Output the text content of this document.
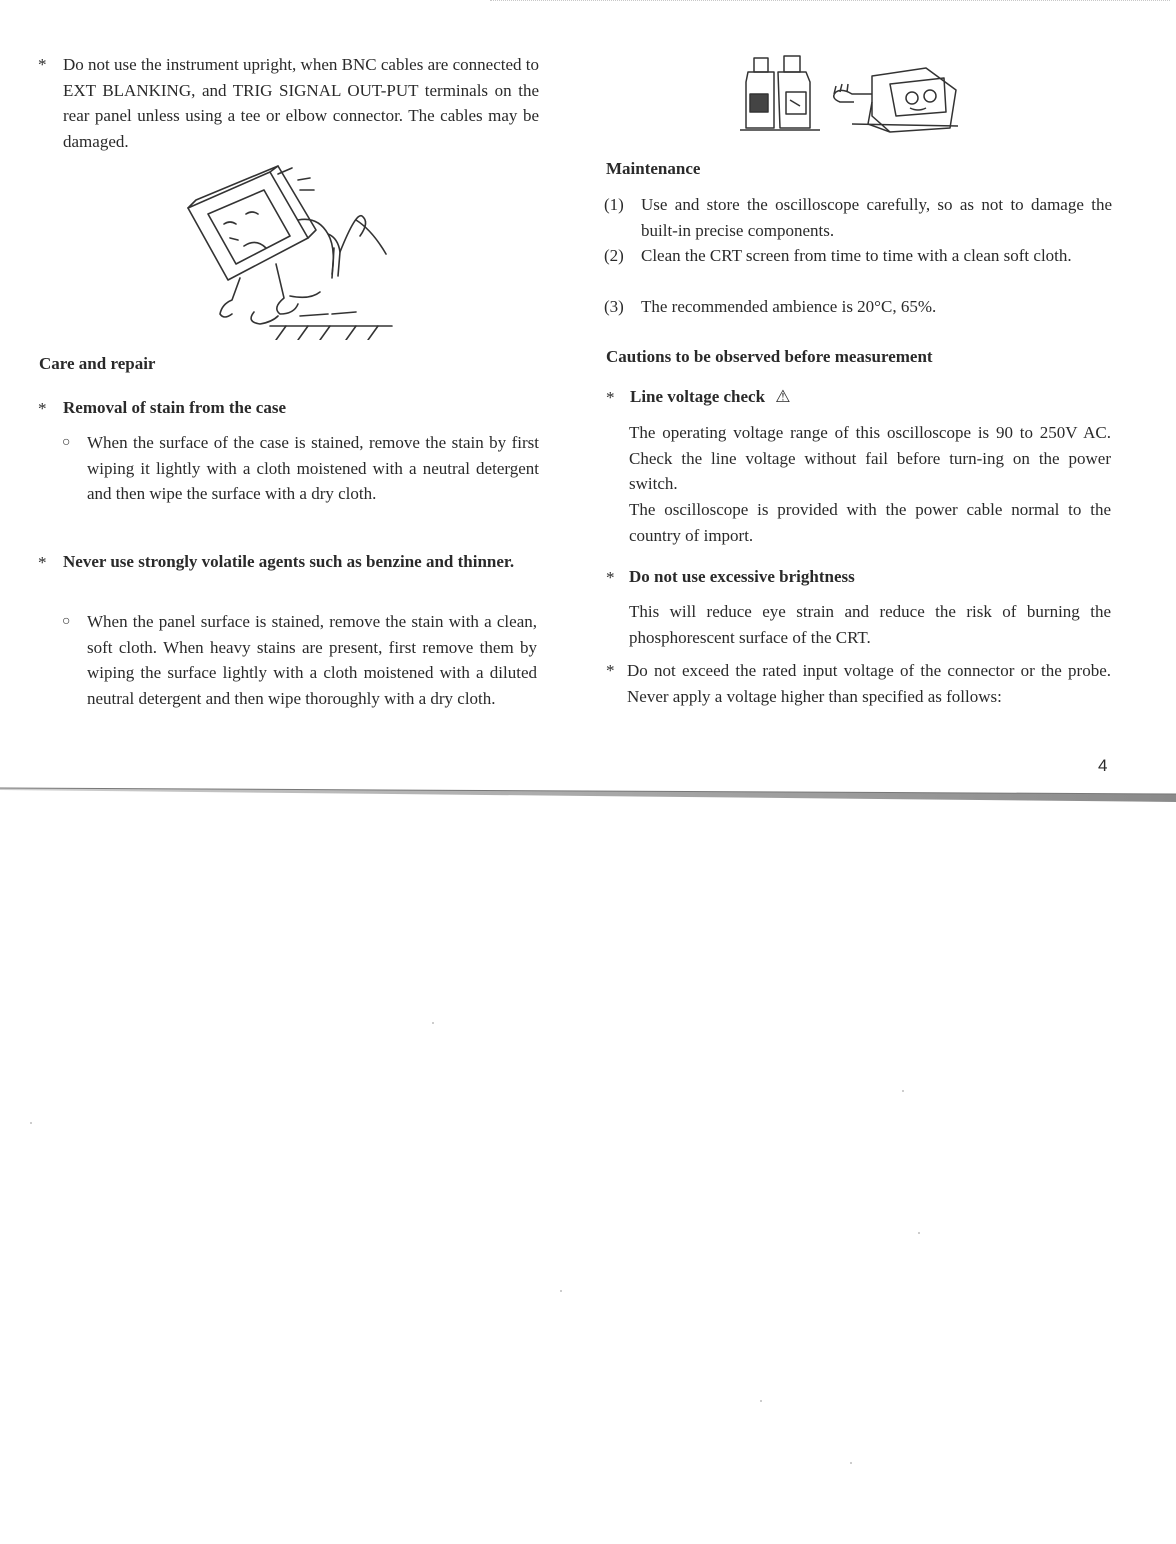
* Do not use the instrument upright, when BNC cables are connected to EXT BLANKING, and TRIG SIGNAL OUT-PUT terminals on the rear panel unless using a tee or elbow connector. The cables may be damaged.

Care and repair

* Removal of stain from the case

○ When the surface of the case is stained, remove the stain by first wiping it lightly with a cloth moistened with a neutral detergent and then wipe the surface with a dry cloth.

* Never use strongly volatile agents such as benzine and thinner.

○ When the panel surface is stained, remove the stain with a clean, soft cloth. When heavy stains are present, first remove them by wiping the surface lightly with a cloth moistened with a diluted neutral detergent and then wipe thoroughly with a dry cloth.

Maintenance

(1) Use and store the oscilloscope carefully, so as not to damage the built-in precise components.

(2) Clean the CRT screen from time to time with a clean soft cloth.

(3) The recommended ambience is 20°C, 65%.

Cautions to be observed before measurement

* Line voltage check ⚠

The operating voltage range of this oscilloscope is 90 to 250V AC. Check the line voltage without fail before turn-ing on the power switch.

The oscilloscope is provided with the power cable normal to the country of import.

* Do not use excessive brightness

This will reduce eye strain and reduce the risk of burning the phosphorescent surface of the CRT.

* Do not exceed the rated input voltage of the connector or the probe. Never apply a voltage higher than specified as follows:

4
